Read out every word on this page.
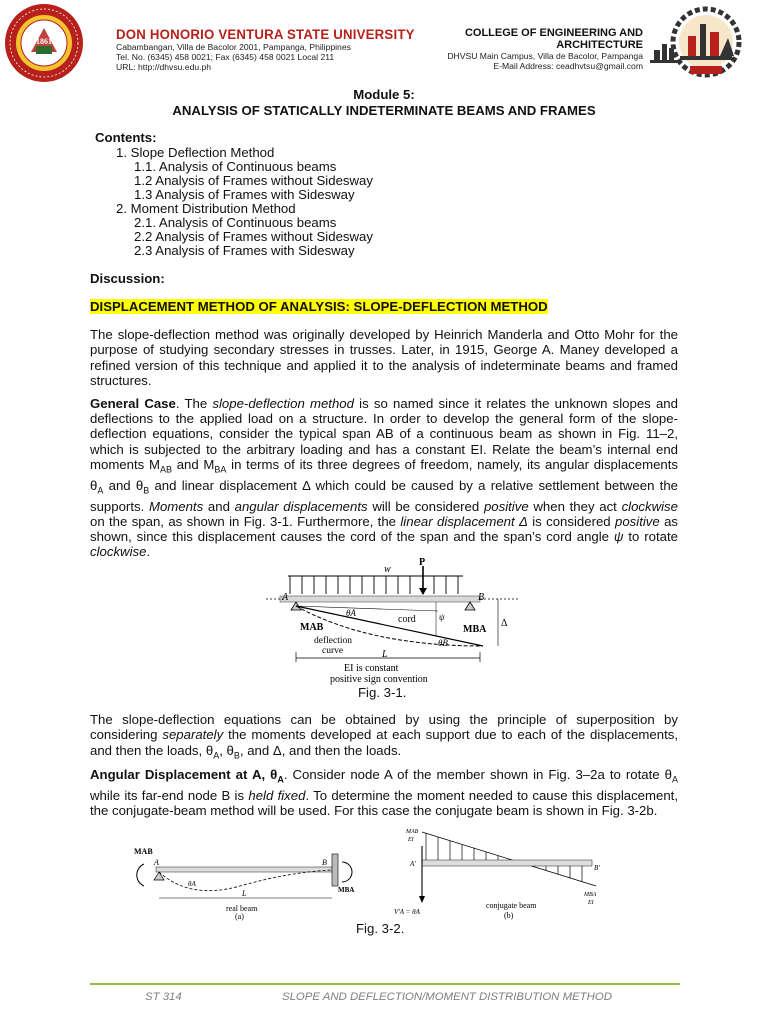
1861	DON HONORIO VENTURA STATE UNIVERSITY
Cabambangan, Villa de Bacolor 2001, Pampanga, Philippines
Tel. No. (6345) 458 0021; Fax (6345) 458 0021 Local 211
URL: http://dhvsu.edu.ph
COLLEGE OF ENGINEERING AND
ARCHITECTURE
DHVSU Main Campus, Villa de Bacolor, Pampanga
E-Mail Address: ceadhvtsu@gmail.com
Module 5:
ANALYSIS OF STATICALLY INDETERMINATE BEAMS AND FRAMES
Contents:
1. Slope Deflection Method
1.1. Analysis of Continuous beams
1.2 Analysis of Frames without Sidesway
1.3 Analysis of Frames with Sidesway
2. Moment Distribution Method
2.1. Analysis of Continuous beams
2.2 Analysis of Frames without Sidesway
2.3 Analysis of Frames with Sidesway
Discussion:
DISPLACEMENT METHOD OF ANALYSIS: SLOPE-DEFLECTION METHOD
The slope-deflection method was originally developed by Heinrich Manderla and Otto Mohr for the purpose of studying secondary stresses in trusses. Later, in 1915, George A. Maney developed a refined version of this technique and applied it to the analysis of indeterminate beams and framed structures.
General Case. The slope-deflection method is so named since it relates the unknown slopes and deflections to the applied load on a structure. In order to develop the general form of the slope-deflection equations, consider the typical span AB of a continuous beam as shown in Fig. 11–2, which is subjected to the arbitrary loading and has a constant EI. Relate the beam’s internal end moments $M_{AB}$ and $M_{BA}$ in terms of its three degrees of freedom, namely, its angular displacements $\theta_A$ and $\theta_B$ and linear displacement Δ which could be caused by a relative settlement between the supports. Moments and angular displacements will be considered positive when they act clockwise on the span, as shown in Fig. 3-1. Furthermore, the linear displacement Δ is considered positive as shown, since this displacement causes the cord of the span and the span’s cord angle ψ to rotate clockwise.
w
P
A	B
cord
θA	ψ
MAB	MBA
deflection
curve
θB
Δ
L
EI is constant
positive sign convention
Fig. 3-1.
The slope-deflection equations can be obtained by using the principle of superposition by considering separately the moments developed at each support due to each of the displacements, and then the loads, $\theta_A$, $\theta_B$, and Δ, and then the loads.
Angular Displacement at A, $\theta_A$. Consider node A of the member shown in Fig. 3–2a to rotate $\theta_A$ while its far-end node B is held fixed. To determine the moment needed to cause this displacement, the conjugate-beam method will be used. For this case the conjugate beam is shown in Fig. 3-2b.
MAB
A	B
θA
L	MBA
real beam
(a)
MAB
EI
A'	B'
MBA
EI
V'A = θA
conjugate beam
(b)
Fig. 3-2.
ST 314	SLOPE AND DEFLECTION/MOMENT DISTRIBUTION METHOD
